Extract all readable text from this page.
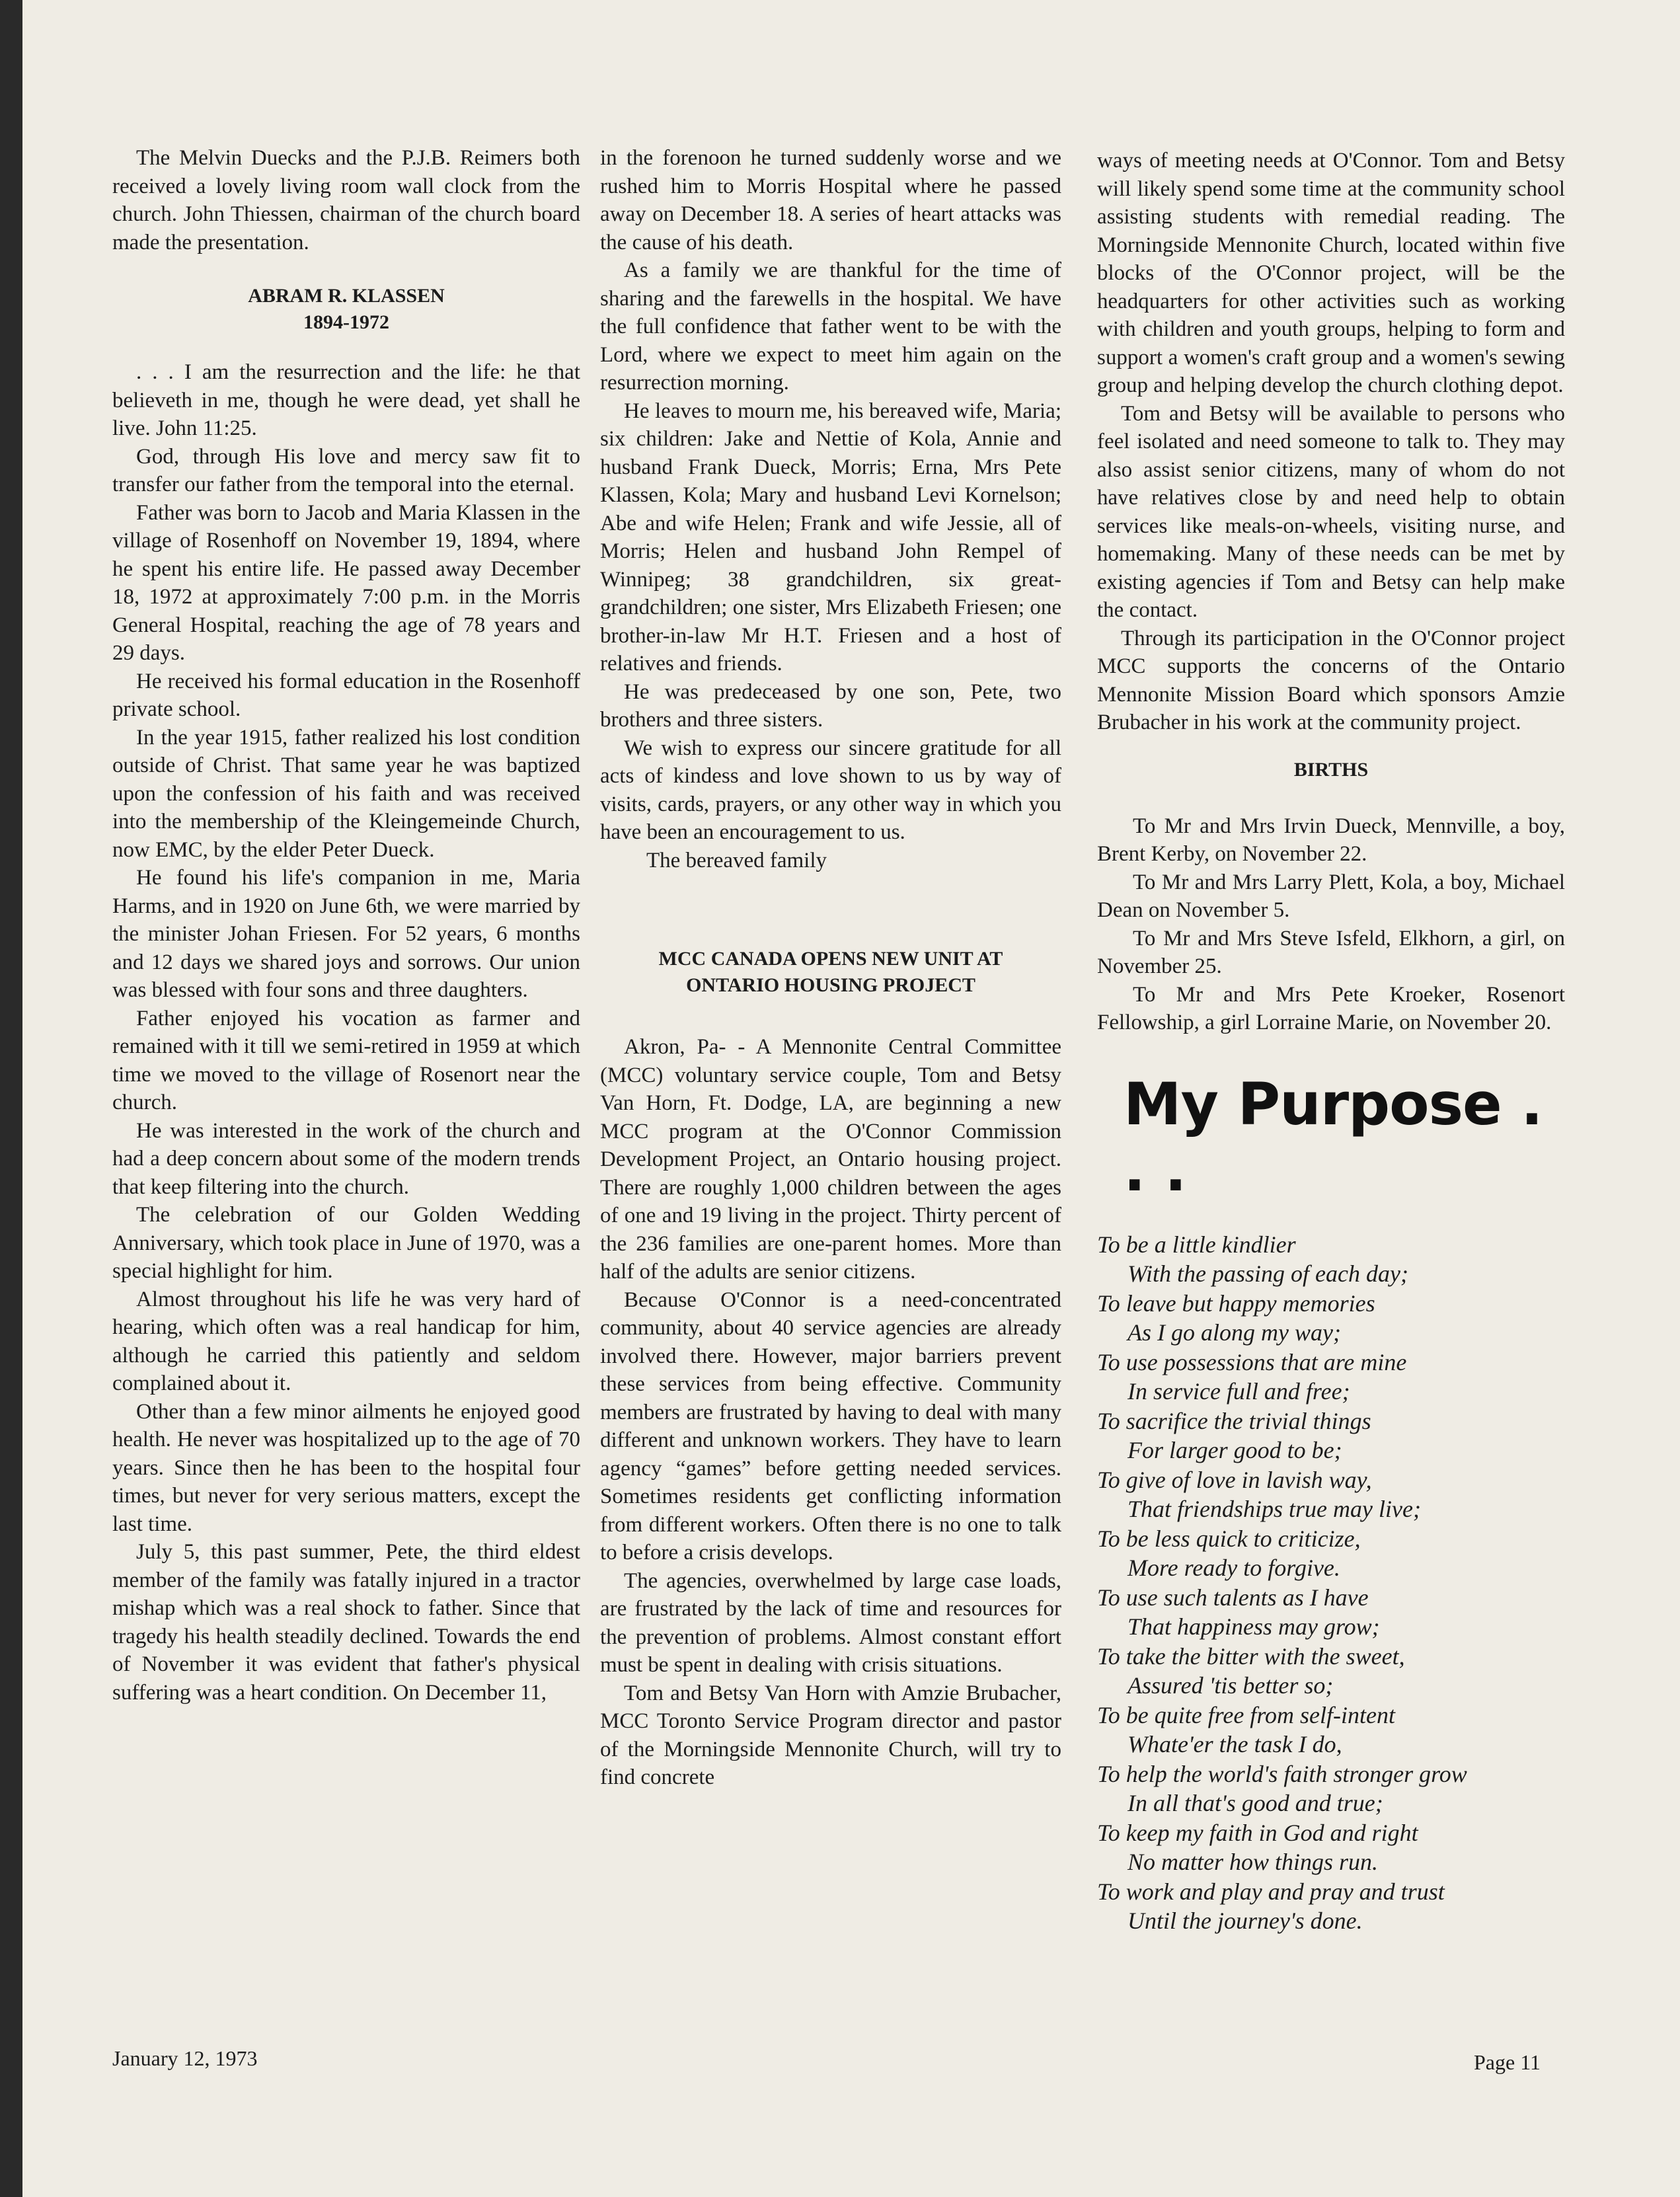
The Melvin Duecks and the P.J.B. Reimers both received a lovely living room wall clock from the church. John Thiessen, chairman of the church board made the presentation.

ABRAM R. KLASSEN
1894-1972

. . . I am the resurrection and the life: he that believeth in me, though he were dead, yet shall he live. John 11:25.

God, through His love and mercy saw fit to transfer our father from the temporal into the eternal.

Father was born to Jacob and Maria Klassen in the village of Rosenhoff on November 19, 1894, where he spent his entire life. He passed away December 18, 1972 at approximately 7:00 p.m. in the Morris General Hospital, reaching the age of 78 years and 29 days.

He received his formal education in the Rosenhoff private school.

In the year 1915, father realized his lost condition outside of Christ. That same year he was baptized upon the confession of his faith and was received into the membership of the Kleingemeinde Church, now EMC, by the elder Peter Dueck.

He found his life's companion in me, Maria Harms, and in 1920 on June 6th, we were married by the minister Johan Friesen. For 52 years, 6 months and 12 days we shared joys and sorrows. Our union was blessed with four sons and three daughters.

Father enjoyed his vocation as farmer and remained with it till we semi-retired in 1959 at which time we moved to the village of Rosenort near the church.

He was interested in the work of the church and had a deep concern about some of the modern trends that keep filtering into the church.

The celebration of our Golden Wedding Anniversary, which took place in June of 1970, was a special highlight for him.

Almost throughout his life he was very hard of hearing, which often was a real handicap for him, although he carried this patiently and seldom complained about it.

Other than a few minor ailments he enjoyed good health. He never was hospitalized up to the age of 70 years. Since then he has been to the hospital four times, but never for very serious matters, except the last time.

July 5, this past summer, Pete, the third eldest member of the family was fatally injured in a tractor mishap which was a real shock to father. Since that tragedy his health steadily declined. Towards the end of November it was evident that father's physical suffering was a heart condition. On December 11,

in the forenoon he turned suddenly worse and we rushed him to Morris Hospital where he passed away on December 18. A series of heart attacks was the cause of his death.

As a family we are thankful for the time of sharing and the farewells in the hospital. We have the full confidence that father went to be with the Lord, where we expect to meet him again on the resurrection morning.

He leaves to mourn me, his bereaved wife, Maria; six children: Jake and Nettie of Kola, Annie and husband Frank Dueck, Morris; Erna, Mrs Pete Klassen, Kola; Mary and husband Levi Kornelson; Abe and wife Helen; Frank and wife Jessie, all of Morris; Helen and husband John Rempel of Winnipeg; 38 grandchildren, six great-grandchildren; one sister, Mrs Elizabeth Friesen; one brother-in-law Mr H.T. Friesen and a host of relatives and friends.

He was predeceased by one son, Pete, two brothers and three sisters.

We wish to express our sincere gratitude for all acts of kindess and love shown to us by way of visits, cards, prayers, or any other way in which you have been an encouragement to us.

The bereaved family

MCC CANADA OPENS NEW UNIT AT
ONTARIO HOUSING PROJECT

Akron, Pa- - A Mennonite Central Committee (MCC) voluntary service couple, Tom and Betsy Van Horn, Ft. Dodge, LA, are beginning a new MCC program at the O'Connor Commission Development Project, an Ontario housing project. There are roughly 1,000 children between the ages of one and 19 living in the project. Thirty percent of the 236 families are one-parent homes. More than half of the adults are senior citizens.

Because O'Connor is a need-concentrated community, about 40 service agencies are already involved there. However, major barriers prevent these services from being effective. Community members are frustrated by having to deal with many different and unknown workers. They have to learn agency “games” before getting needed services. Sometimes residents get conflicting information from different workers. Often there is no one to talk to before a crisis develops.

The agencies, overwhelmed by large case loads, are frustrated by the lack of time and resources for the prevention of problems. Almost constant effort must be spent in dealing with crisis situations.

Tom and Betsy Van Horn with Amzie Brubacher, MCC Toronto Service Program director and pastor of the Morningside Mennonite Church, will try to find concrete

ways of meeting needs at O'Connor. Tom and Betsy will likely spend some time at the community school assisting students with remedial reading. The Morningside Mennonite Church, located within five blocks of the O'Connor project, will be the headquarters for other activities such as working with children and youth groups, helping to form and support a women's craft group and a women's sewing group and helping develop the church clothing depot.

Tom and Betsy will be available to persons who feel isolated and need someone to talk to. They may also assist senior citizens, many of whom do not have relatives close by and need help to obtain services like meals-on-wheels, visiting nurse, and homemaking. Many of these needs can be met by existing agencies if Tom and Betsy can help make the contact.

Through its participation in the O'Connor project MCC supports the concerns of the Ontario Mennonite Mission Board which sponsors Amzie Brubacher in his work at the community project.

BIRTHS

To Mr and Mrs Irvin Dueck, Mennville, a boy, Brent Kerby, on November 22.

To Mr and Mrs Larry Plett, Kola, a boy, Michael Dean on November 5.

To Mr and Mrs Steve Isfeld, Elkhorn, a girl, on November 25.

To Mr and Mrs Pete Kroeker, Rosenort Fellowship, a girl Lorraine Marie, on November 20.

My Purpose . . .
To be a little kindlier
With the passing of each day;
To leave but happy memories
As I go along my way;
To use possessions that are mine
In service full and free;
To sacrifice the trivial things
For larger good to be;
To give of love in lavish way,
That friendships true may live;
To be less quick to criticize,
More ready to forgive.
To use such talents as I have
That happiness may grow;
To take the bitter with the sweet,
Assured 'tis better so;
To be quite free from self-intent
Whate'er the task I do,
To help the world's faith stronger grow
In all that's good and true;
To keep my faith in God and right
No matter how things run.
To work and play and pray and trust
Until the journey's done.
January 12, 1973	Page 11
